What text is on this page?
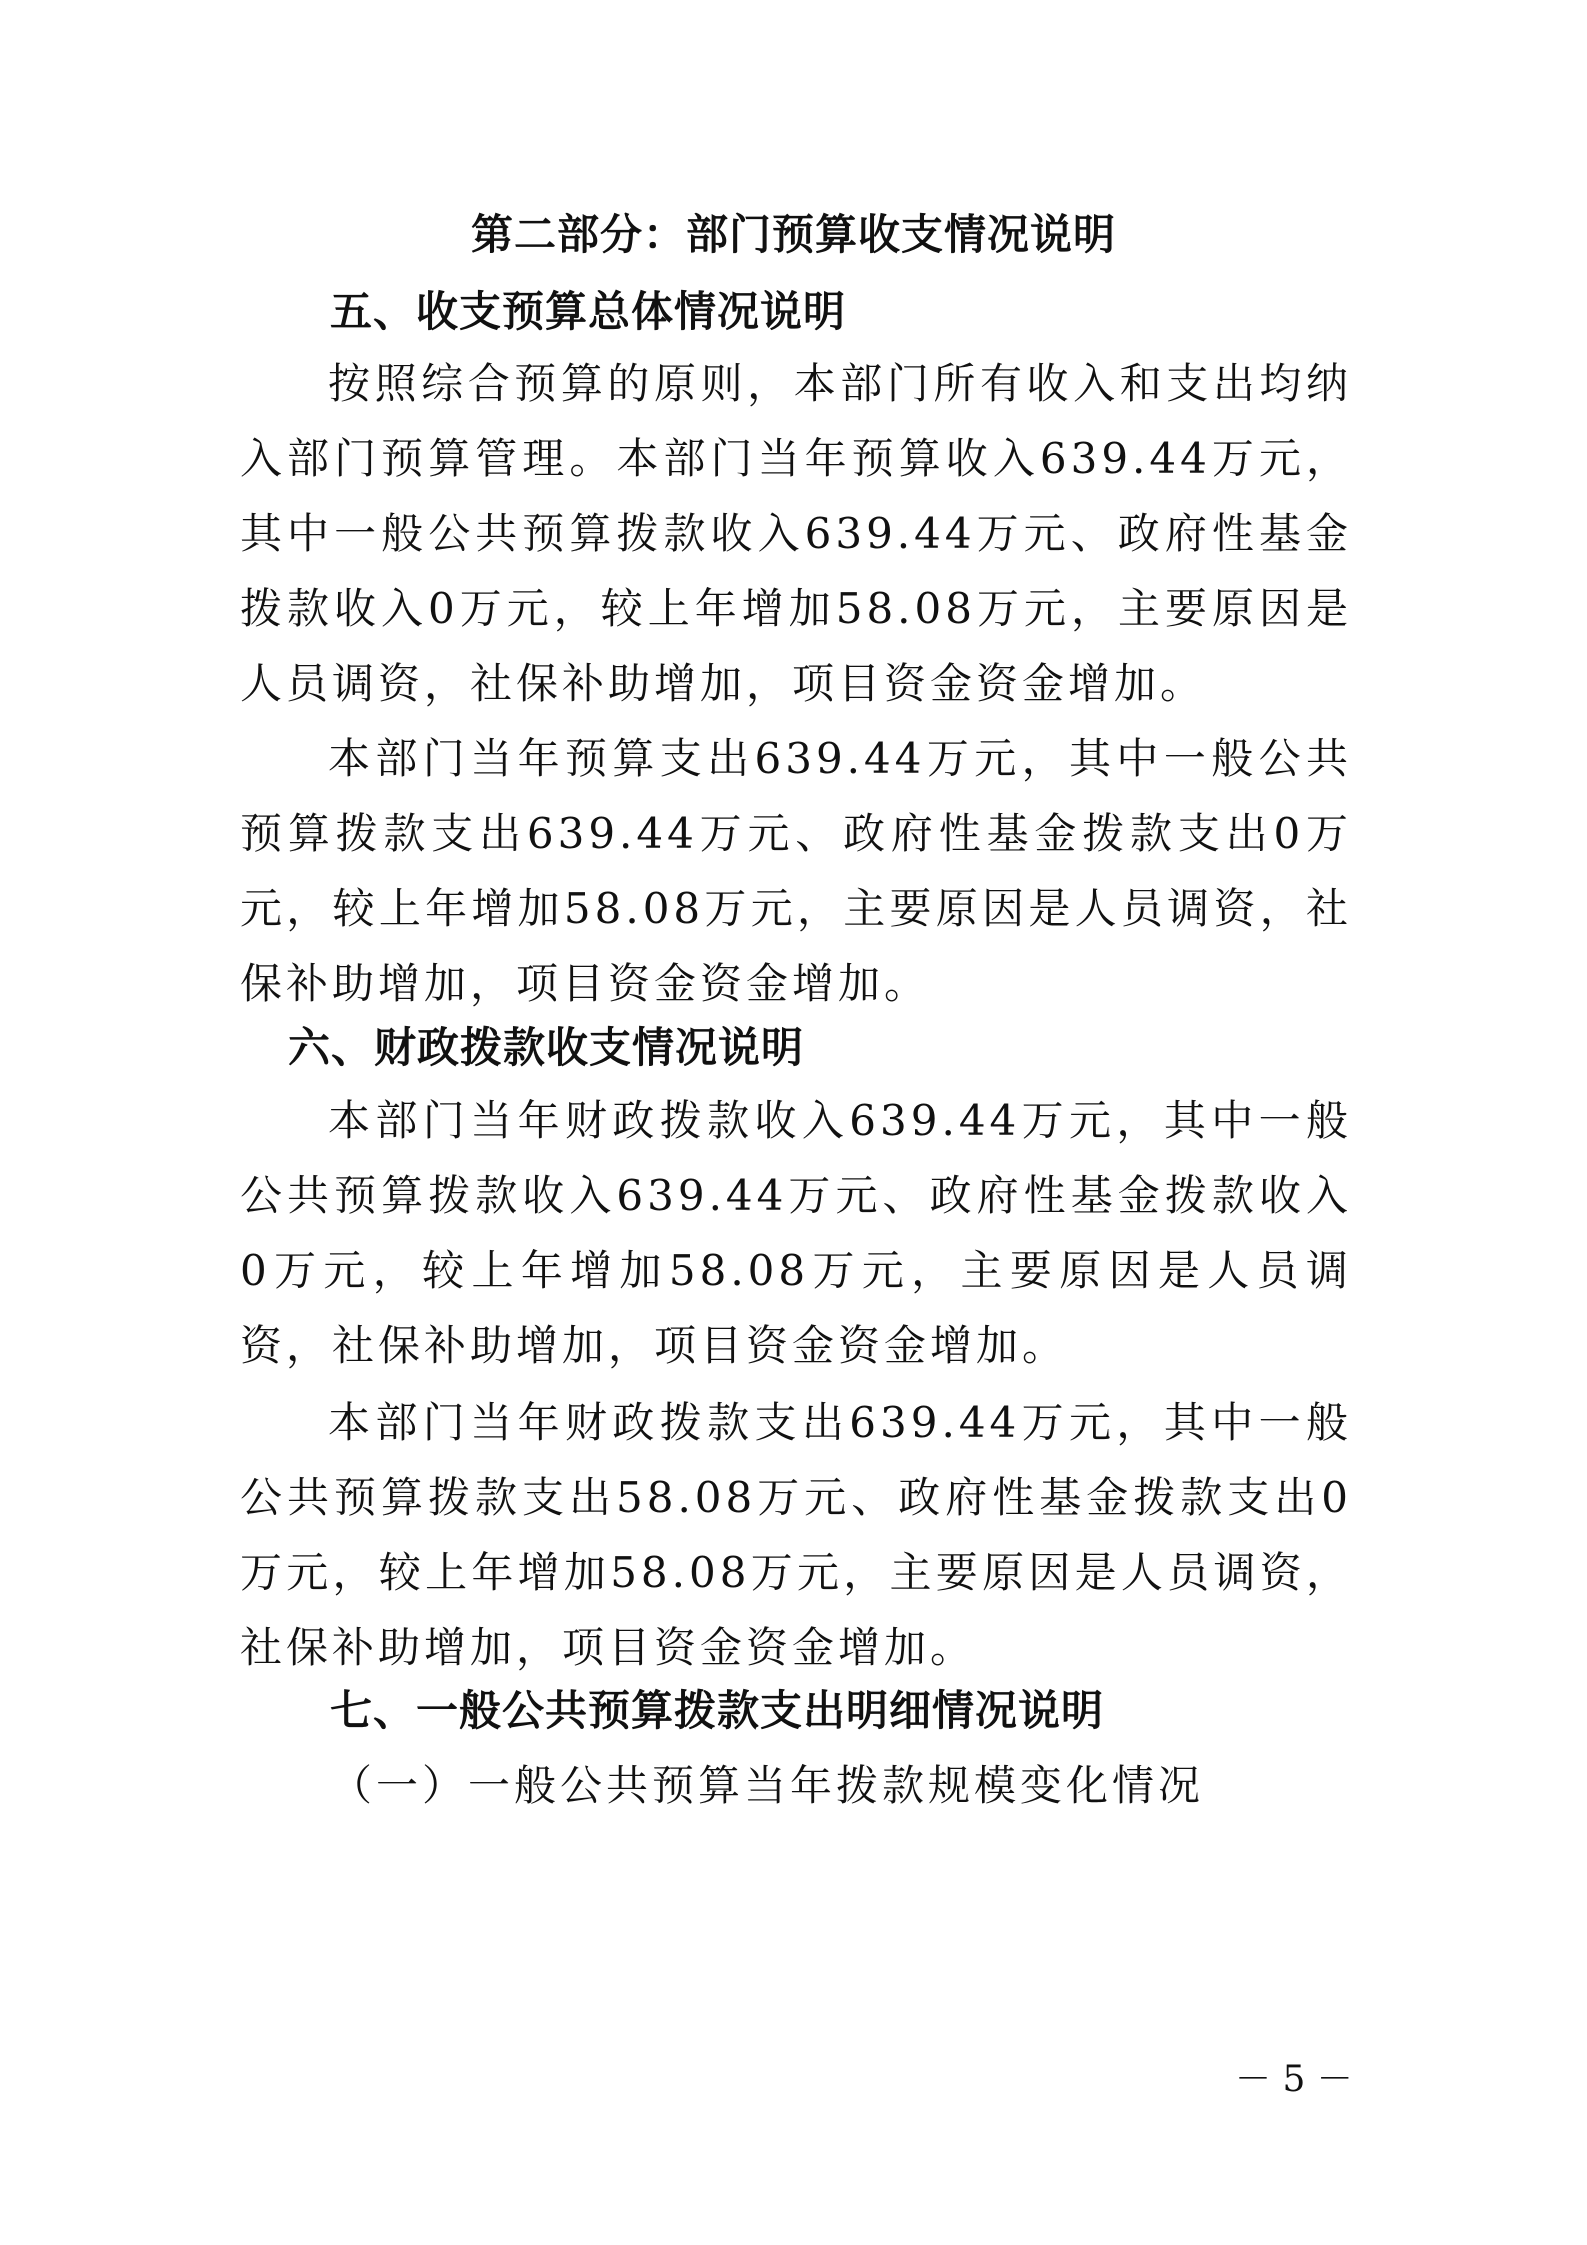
第二部分：部门预算收支情况说明
五、收支预算总体情况说明

按照综合预算的原则，本部门所有收入和支出均纳入部门预算管理。本部门当年预算收入639.44万元，其中一般公共预算拨款收入639.44万元、政府性基金拨款收入0万元，较上年增加58.08万元，主要原因是人员调资，社保补助增加，项目资金资金增加。

本部门当年预算支出639.44万元，其中一般公共预算拨款支出639.44万元、政府性基金拨款支出0万元，较上年增加58.08万元，主要原因是人员调资，社保补助增加，项目资金资金增加。

六、财政拨款收支情况说明

本部门当年财政拨款收入639.44万元，其中一般公共预算拨款收入639.44万元、政府性基金拨款收入0万元，较上年增加58.08万元，主要原因是人员调资，社保补助增加，项目资金资金增加。

本部门当年财政拨款支出639.44万元，其中一般公共预算拨款支出58.08万元、政府性基金拨款支出0万元，较上年增加58.08万元，主要原因是人员调资，社保补助增加，项目资金资金增加。

七、一般公共预算拨款支出明细情况说明
（一）一般公共预算当年拨款规模变化情况
－ 5 －
